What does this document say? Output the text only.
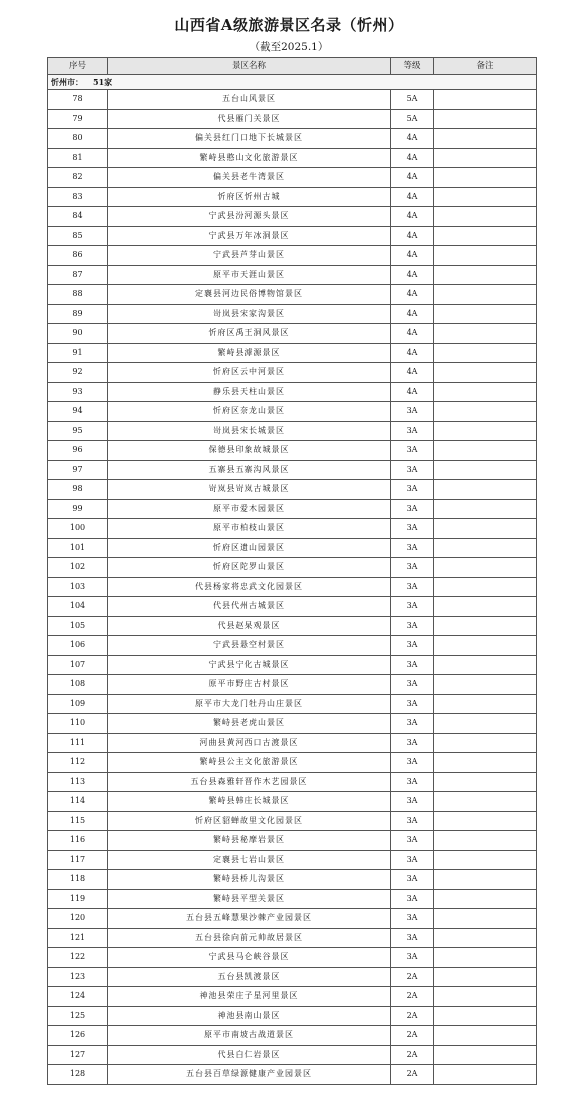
山西省A级旅游景区名录（忻州）
（截至2025.1）
序号	景区名称	等级	备注
忻州市： 51家			
78	五台山风景区	5A	
79	代县雁门关景区	5A	
80	偏关县红门口地下长城景区	4A	
81	繁峙县憨山文化旅游景区	4A	
82	偏关县老牛湾景区	4A	
83	忻府区忻州古城	4A	
84	宁武县汾河源头景区	4A	
85	宁武县万年冰洞景区	4A	
86	宁武县芦芽山景区	4A	
87	原平市天涯山景区	4A	
88	定襄县河边民俗博物馆景区	4A	
89	岢岚县宋家沟景区	4A	
90	忻府区禹王洞风景区	4A	
91	繁峙县滹源景区	4A	
92	忻府区云中河景区	4A	
93	静乐县天柱山景区	4A	
94	忻府区奈龙山景区	3A	
95	岢岚县宋长城景区	3A	
96	保德县印象故城景区	3A	
97	五寨县五寨沟风景区	3A	
98	岢岚县岢岚古城景区	3A	
99	原平市爱木园景区	3A	
100	原平市柏枝山景区	3A	
101	忻府区遗山园景区	3A	
102	忻府区陀罗山景区	3A	
103	代县杨家将忠武文化园景区	3A	
104	代县代州古城景区	3A	
105	代县赵杲观景区	3A	
106	宁武县悬空村景区	3A	
107	宁武县宁化古城景区	3A	
108	原平市野庄古村景区	3A	
109	原平市大龙门牡丹山庄景区	3A	
110	繁峙县老虎山景区	3A	
111	河曲县黄河西口古渡景区	3A	
112	繁峙县公主文化旅游景区	3A	
113	五台县森雅轩晋作木艺园景区	3A	
114	繁峙县韩庄长城景区	3A	
115	忻府区貂蝉故里文化园景区	3A	
116	繁峙县秘摩岩景区	3A	
117	定襄县七岩山景区	3A	
118	繁峙县桥儿沟景区	3A	
119	繁峙县平型关景区	3A	
120	五台县五峰慧果沙棘产业园景区	3A	
121	五台县徐向前元帅故居景区	3A	
122	宁武县马仑峡谷景区	3A	
123	五台县凯渡景区	2A	
124	神池县荣庄子星河里景区	2A	
125	神池县南山景区	2A	
126	原平市南坡古战道景区	2A	
127	代县白仁岩景区	2A	
128	五台县百草绿源健康产业园景区	2A	
